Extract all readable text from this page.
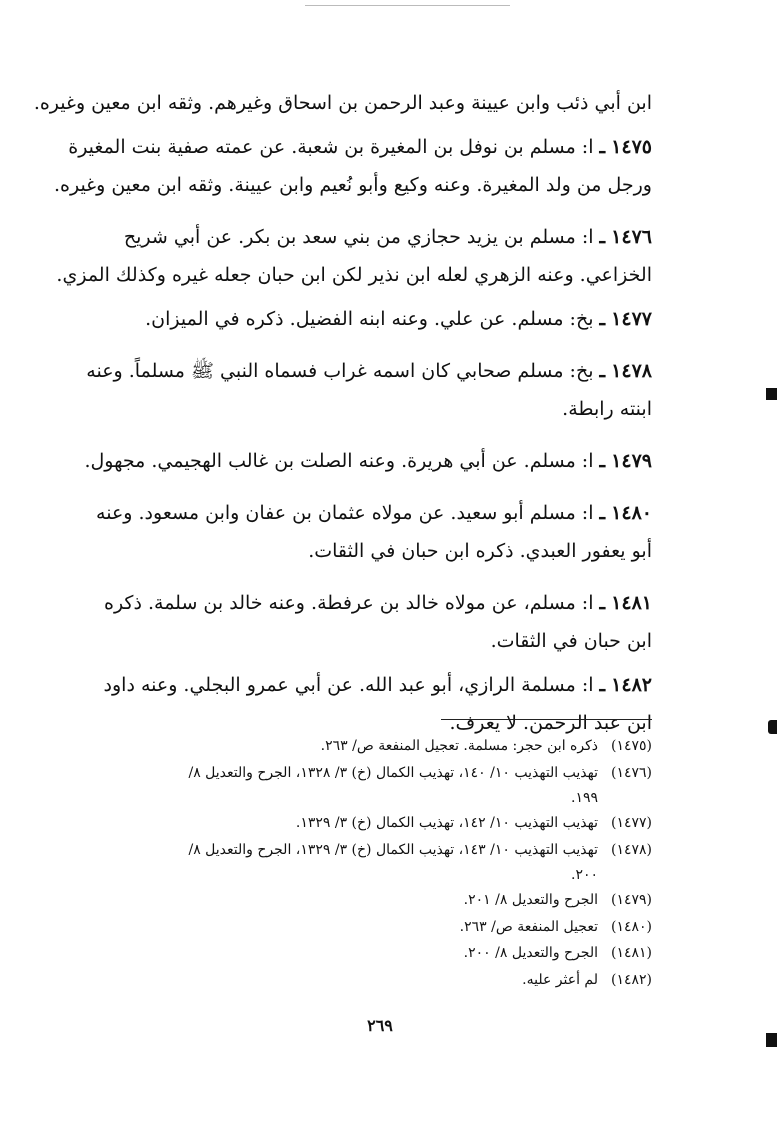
ابن أبي ذئب وابن عيينة وعبد الرحمن بن اسحاق وغيرهم. وثقه ابن معين وغيره.
١٤٧٥ ـ ا: مسلم بن نوفل بن المغيرة بن شعبة. عن عمته صفية بنت المغيرة
ورجل من ولد المغيرة. وعنه وكيع وأبو نُعيم وابن عيينة. وثقه ابن معين وغيره.
١٤٧٦ ـ ا: مسلم بن يزيد حجازي من بني سعد بن بكر. عن أبي شريح
الخزاعي. وعنه الزهري لعله ابن نذير لكن ابن حبان جعله غيره وكذلك المزي.
١٤٧٧ ـ بخ: مسلم. عن علي. وعنه ابنه الفضيل. ذكره في الميزان.
١٤٧٨ ـ بخ: مسلم صحابي كان اسمه غراب فسماه النبي ﷺ مسلماً. وعنه
ابنته رابطة.
١٤٧٩ ـ ا: مسلم. عن أبي هريرة. وعنه الصلت بن غالب الهجيمي. مجهول.
١٤٨٠ ـ ا: مسلم أبو سعيد. عن مولاه عثمان بن عفان وابن مسعود. وعنه
أبو يعفور العبدي. ذكره ابن حبان في الثقات.
١٤٨١ ـ ا: مسلم، عن مولاه خالد بن عرفطة. وعنه خالد بن سلمة. ذكره
ابن حبان في الثقات.
١٤٨٢ ـ ا: مسلمة الرازي، أبو عبد الله. عن أبي عمرو البجلي. وعنه داود
ابن عبد الرحمن. لا يعرف.
(١٤٧٥)ذكره ابن حجر: مسلمة. تعجيل المنفعة ص/ ٢٦٣.
(١٤٧٦)تهذيب التهذيب ١٠/ ١٤٠، تهذيب الكمال (خ) ٣/ ١٣٢٨، الجرح والتعديل ٨/
١٩٩.
(١٤٧٧)تهذيب التهذيب ١٠/ ١٤٢، تهذيب الكمال (خ) ٣/ ١٣٢٩.
(١٤٧٨)تهذيب التهذيب ١٠/ ١٤٣، تهذيب الكمال (خ) ٣/ ١٣٢٩، الجرح والتعديل ٨/
٢٠٠.
(١٤٧٩)الجرح والتعديل ٨/ ٢٠١.
(١٤٨٠)تعجيل المنفعة ص/ ٢٦٣.
(١٤٨١)الجرح والتعديل ٨/ ٢٠٠.
(١٤٨٢)لم أعثر عليه.
٢٦٩
